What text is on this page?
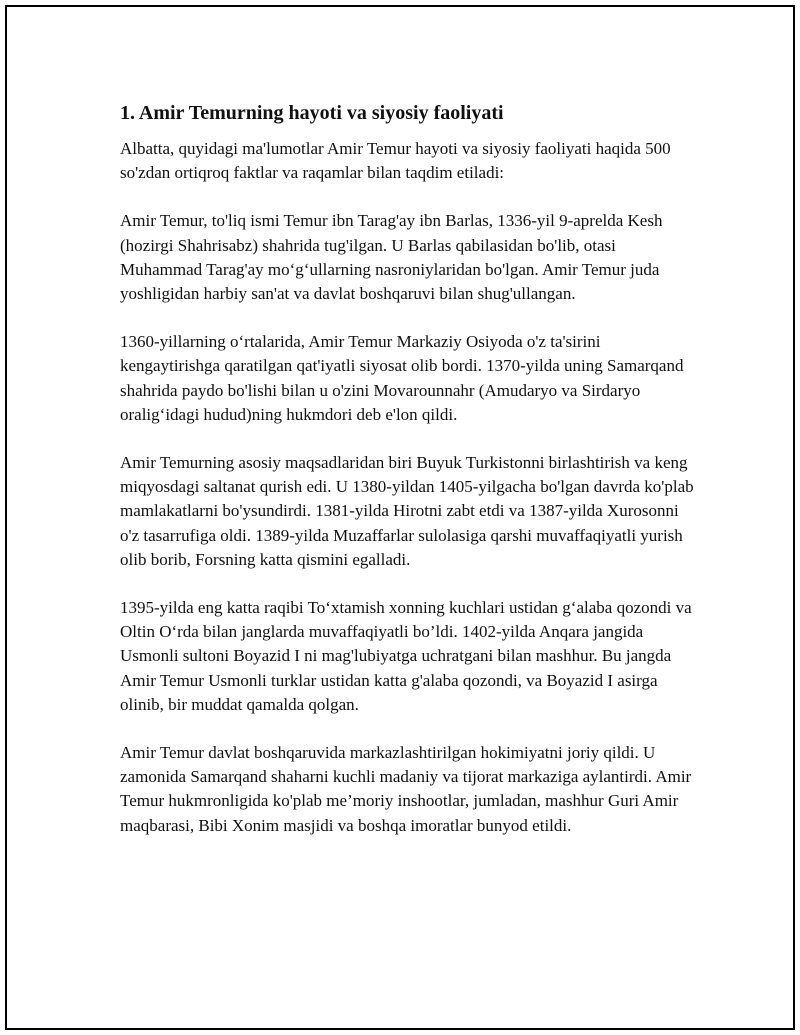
1. Amir Temurning hayoti va siyosiy faoliyati

Albatta, quyidagi ma'lumotlar Amir Temur hayoti va siyosiy faoliyati haqida 500 so'zdan ortiqroq faktlar va raqamlar bilan taqdim etiladi:

Amir Temur, to'liq ismi Temur ibn Tarag'ay ibn Barlas, 1336-yil 9-aprelda Kesh (hozirgi Shahrisabz) shahrida tug'ilgan. U Barlas qabilasidan bo'lib, otasi Muhammad Tarag'ay mo‘g‘ullarning nasroniylaridan bo'lgan. Amir Temur juda yoshligidan harbiy san'at va davlat boshqaruvi bilan shug'ullangan.

1360-yillarning o‘rtalarida, Amir Temur Markaziy Osiyoda o'z ta'sirini kengaytirishga qaratilgan qat'iyatli siyosat olib bordi. 1370-yilda uning Samarqand shahrida paydo bo'lishi bilan u o'zini Movarounnahr (Amudaryo va Sirdaryo oralig‘idagi hudud)ning hukmdori deb e'lon qildi.

Amir Temurning asosiy maqsadlaridan biri Buyuk Turkistonni birlashtirish va keng miqyosdagi saltanat qurish edi. U 1380-yildan 1405-yilgacha bo'lgan davrda ko'plab mamlakatlarni bo'ysundirdi. 1381-yilda Hirotni zabt etdi va 1387-yilda Xurosonni o'z tasarrufiga oldi. 1389-yilda Muzaffarlar sulolasiga qarshi muvaffaqiyatli yurish olib borib, Forsning katta qismini egalladi.

1395-yilda eng katta raqibi To‘xtamish xonning kuchlari ustidan g‘alaba qozondi va Oltin O‘rda bilan janglarda muvaffaqiyatli bo’ldi. 1402-yilda Anqara jangida Usmonli sultoni Boyazid I ni mag'lubiyatga uchratgani bilan mashhur. Bu jangda Amir Temur Usmonli turklar ustidan katta g'alaba qozondi, va Boyazid I asirga olinib, bir muddat qamalda qolgan.

Amir Temur davlat boshqaruvida markazlashtirilgan hokimiyatni joriy qildi. U zamonida Samarqand shaharni kuchli madaniy va tijorat markaziga aylantirdi. Amir Temur hukmronligida ko'plab me’moriy inshootlar, jumladan, mashhur Guri Amir maqbarasi, Bibi Xonim masjidi va boshqa imoratlar bunyod etildi.
